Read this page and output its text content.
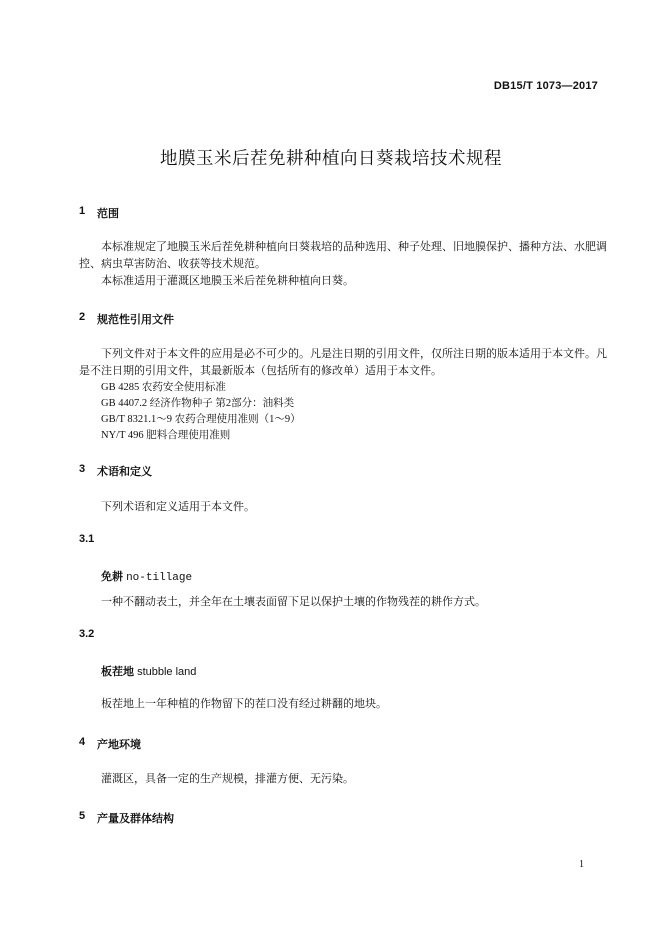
DB15/T 1073—2017
地膜玉米后茬免耕种植向日葵栽培技术规程
1 范围
本标准规定了地膜玉米后茬免耕种植向日葵栽培的品种选用、种子处理、旧地膜保护、播种方法、水肥调控、病虫草害防治、收获等技术规范。
本标准适用于灌溉区地膜玉米后茬免耕种植向日葵。
2 规范性引用文件
下列文件对于本文件的应用是必不可少的。凡是注日期的引用文件，仅所注日期的版本适用于本文件。凡是不注日期的引用文件，其最新版本（包括所有的修改单）适用于本文件。
GB 4285 农药安全使用标准
GB 4407.2 经济作物种子 第2部分：油料类
GB/T 8321.1～9 农药合理使用准则（1～9）
NY/T 496 肥料合理使用准则
3 术语和定义
下列术语和定义适用于本文件。
3.1
免耕 no-tillage
一种不翻动表土，并全年在土壤表面留下足以保护土壤的作物残茬的耕作方式。
3.2
板茬地 stubble land
板茬地上一年种植的作物留下的茬口没有经过耕翻的地块。
4 产地环境
灌溉区，具备一定的生产规模，排灌方便、无污染。
5 产量及群体结构
1
